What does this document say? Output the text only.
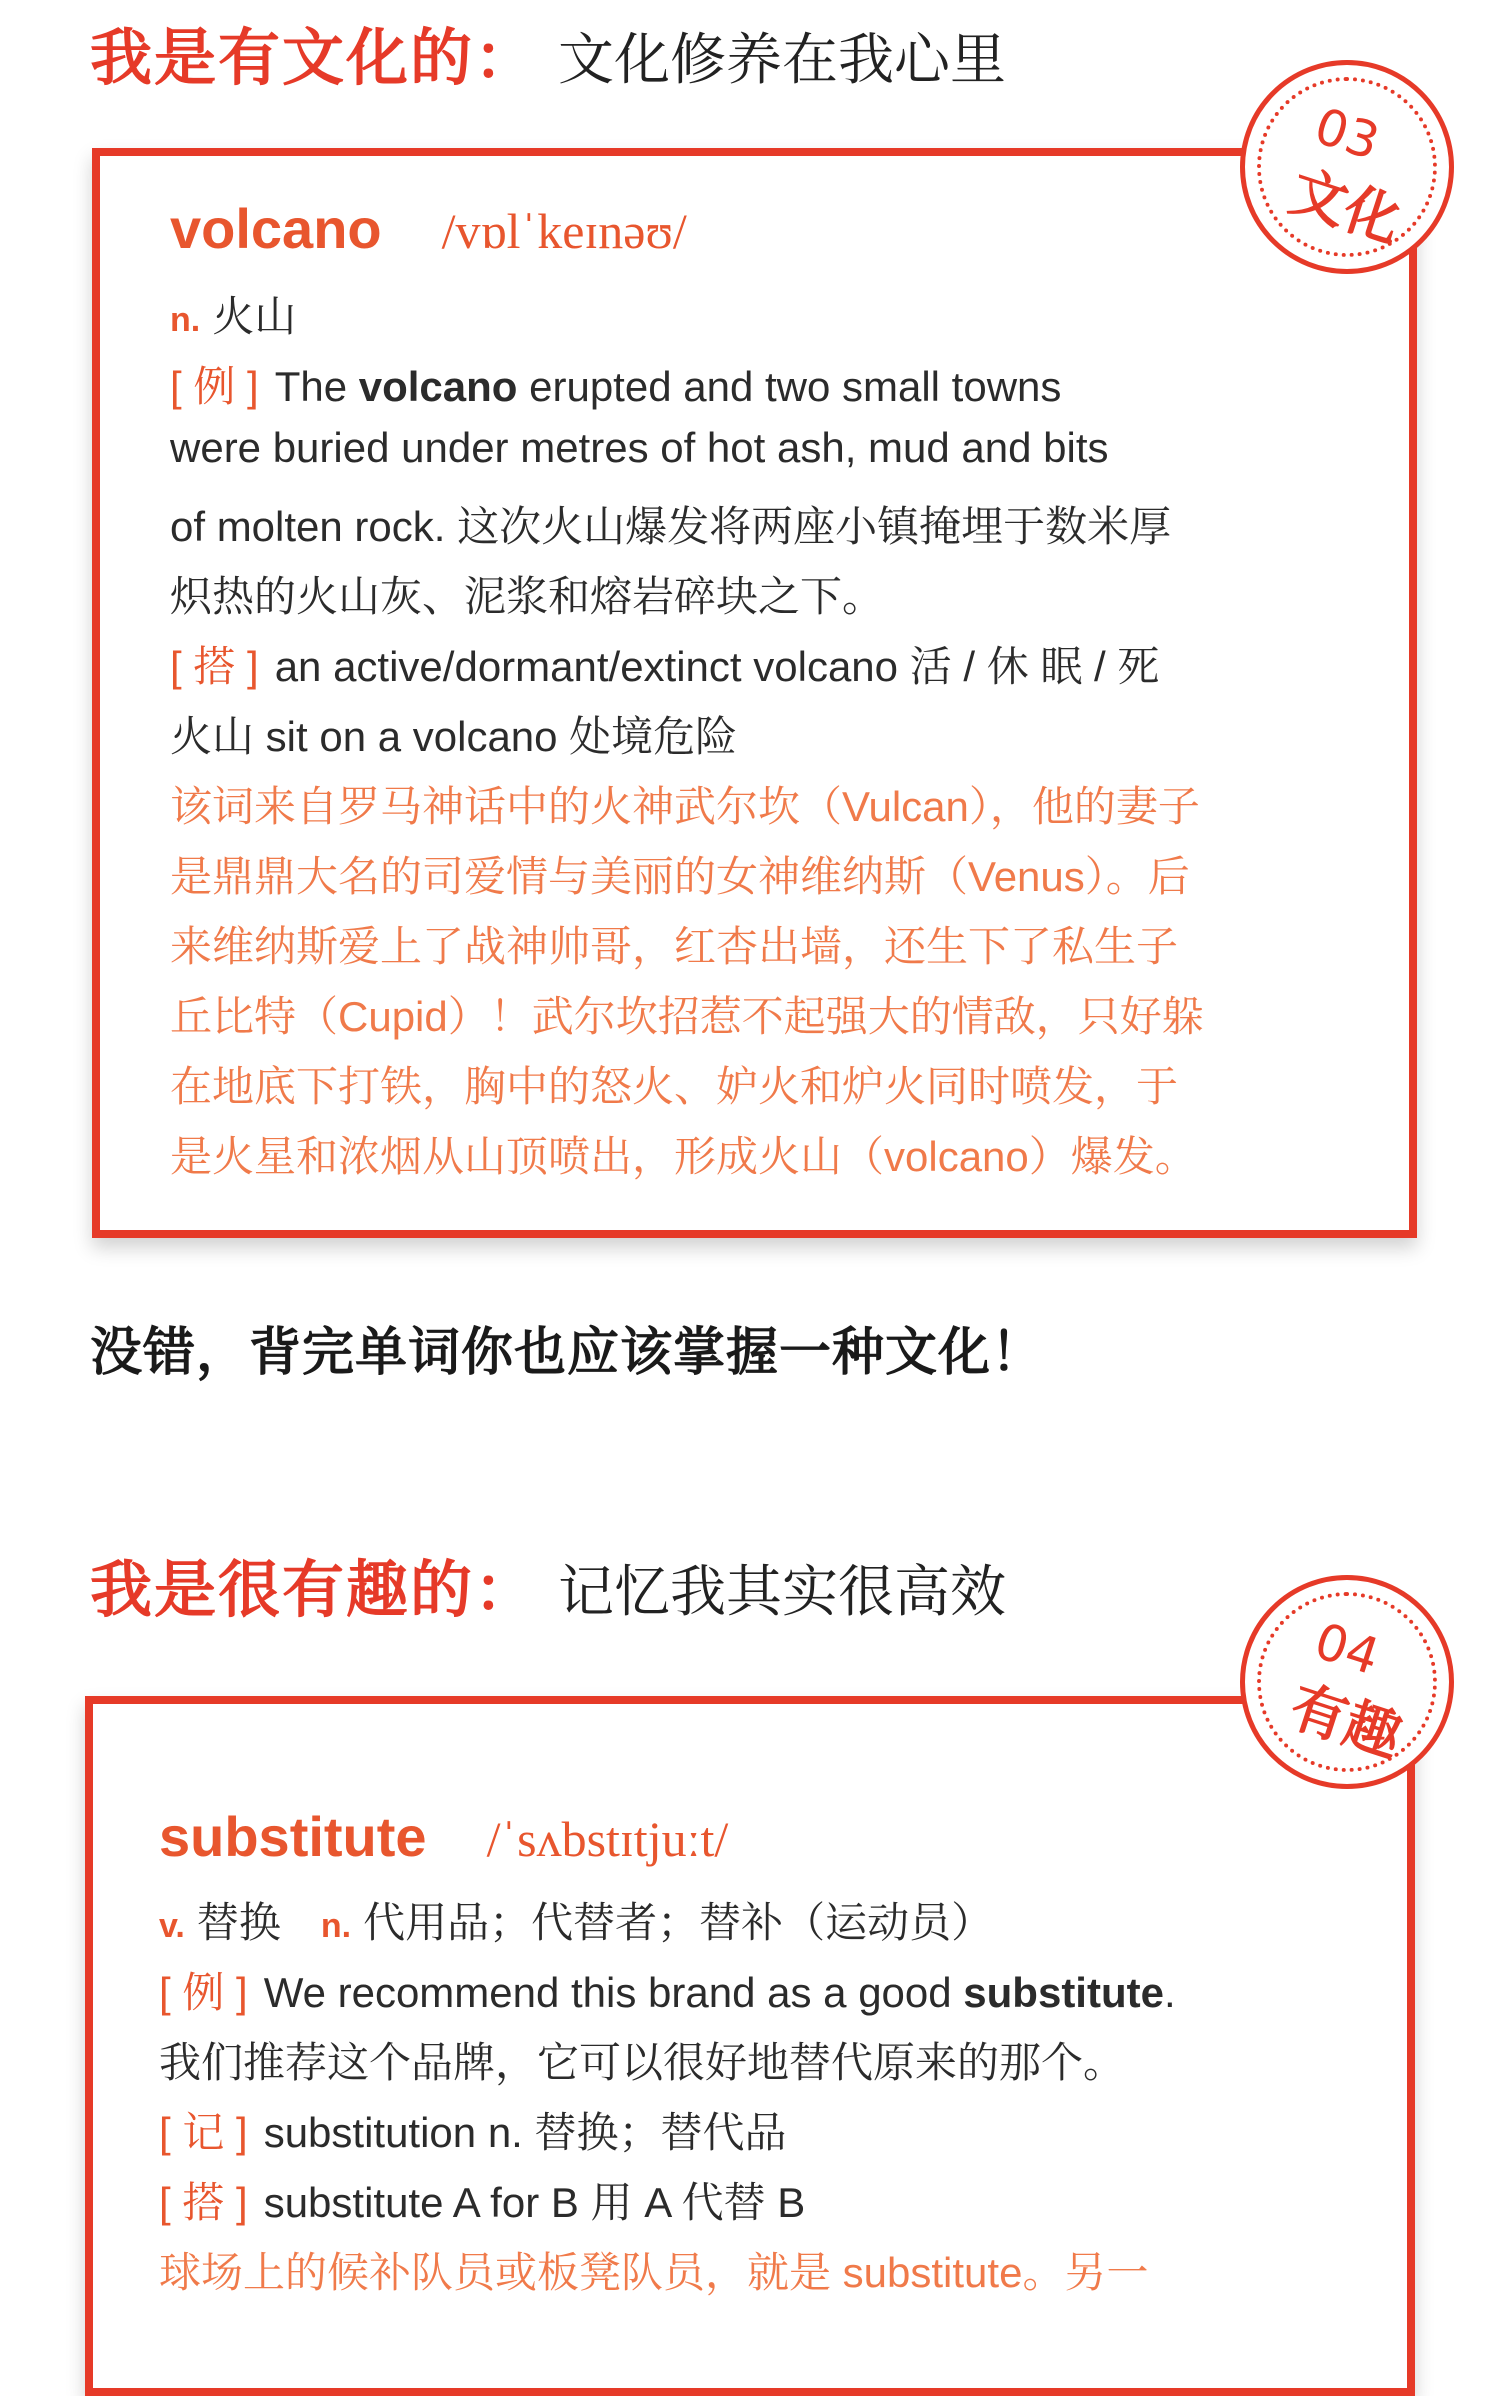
我是有文化的： 文化修养在我心里
volcano /vɒlˈkeɪnəʊ/
n. 火山
[ 例 ] The volcano erupted and two small towns
were buried under metres of hot ash, mud and bits
of molten rock. 这次火山爆发将两座小镇掩埋于数米厚
炽热的火山灰、泥浆和熔岩碎块之下。
[ 搭 ] an active/dormant/extinct volcano 活 / 休 眠 / 死
火山 sit on a volcano 处境危险
该词来自罗马神话中的火神武尔坎（Vulcan），他的妻子
是鼎鼎大名的司爱情与美丽的女神维纳斯（Venus）。后
来维纳斯爱上了战神帅哥，红杏出墙，还生下了私生子
丘比特（Cupid）！武尔坎招惹不起强大的情敌，只好躲
在地底下打铁，胸中的怒火、妒火和炉火同时喷发，于
是火星和浓烟从山顶喷出，形成火山（volcano）爆发。
03
文化
没错，背完单词你也应该掌握一种文化！
我是很有趣的： 记忆我其实很高效
substitute /ˈsʌbstɪtjuːt/
v. 替换 n. 代用品；代替者；替补（运动员）
[ 例 ] We recommend this brand as a good substitute.
我们推荐这个品牌，它可以很好地替代原来的那个。
[ 记 ] substitution n. 替换；替代品
[ 搭 ] substitute A for B 用 A 代替 B
球场上的候补队员或板凳队员，就是 substitute。另一
04
有趣
